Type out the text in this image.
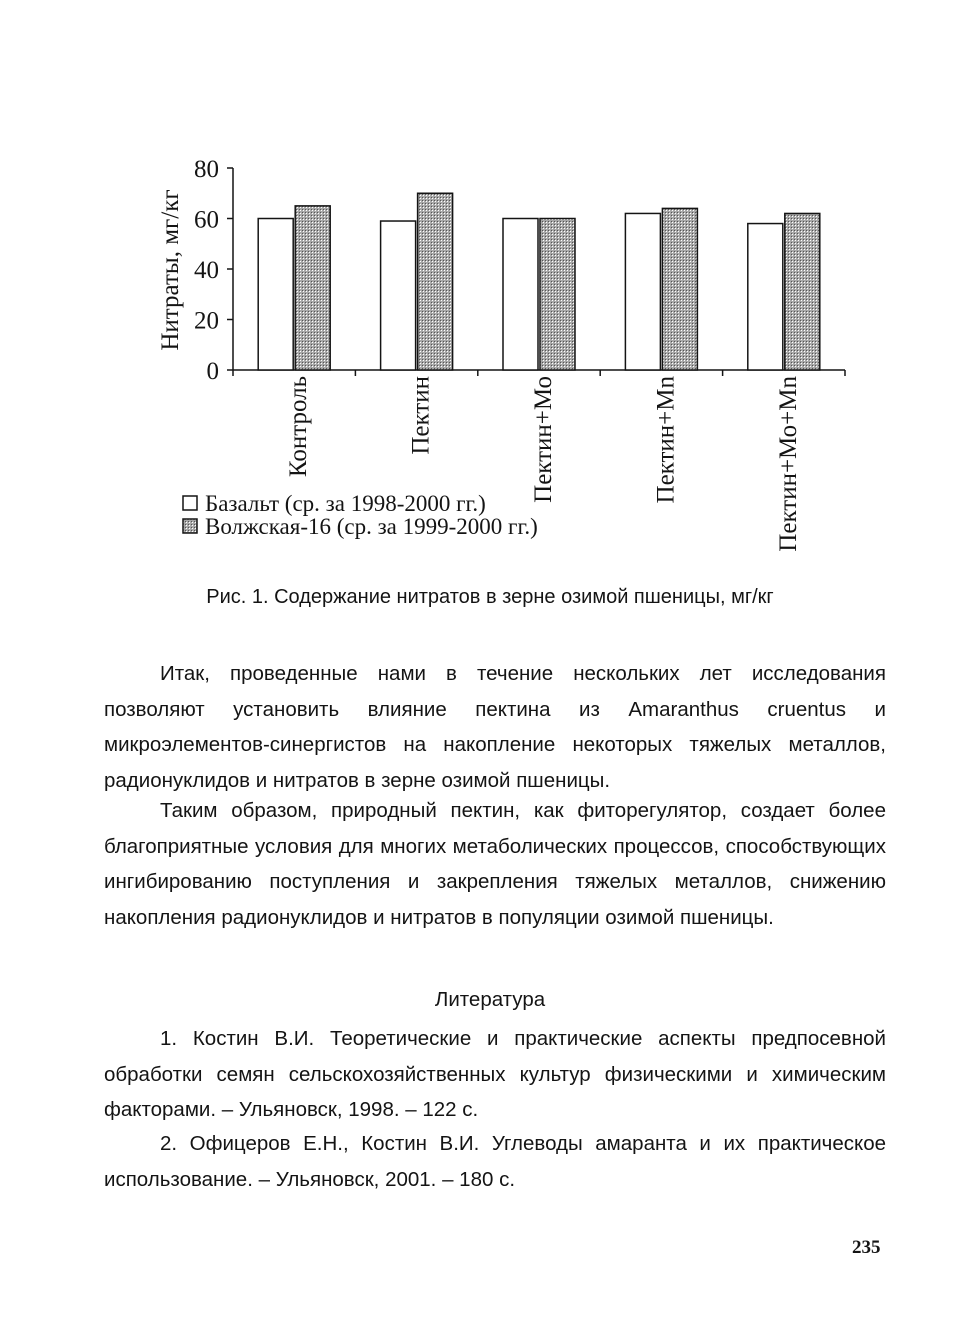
0
20
40
60
80
Контроль	Пектин	Пектин+Мо	Пектин+Мn	Пектин+Мо+Мn
Нитраты, мг/кг
Базальт (ср. за 1998-2000 гг.)
Волжская-16 (ср. за 1999-2000 гг.)
Рис. 1. Содержание нитратов в зерне озимой пшеницы, мг/кг

Итак, проведенные нами в течение нескольких лет исследования позволяют установить влияние пектина из Amaranthus cruentus и микроэлементов-синергистов на накопление некоторых тяжелых металлов, радионуклидов и нитратов в зерне озимой пшеницы.

Таким образом, природный пектин, как фиторегулятор, создает более благоприятные условия для многих метаболических процессов, способствующих ингибированию поступления и закрепления тяжелых металлов, снижению накопления радионуклидов и нитратов в популяции озимой пшеницы.

Литература

1. Костин В.И. Теоретические и практические аспекты предпосевной обработки семян сельскохозяйственных культур физическими и химическим факторами. – Ульяновск, 1998. – 122 с.

2. Офицеров Е.Н., Костин В.И. Углеводы амаранта и их практическое использование. – Ульяновск, 2001. – 180 с.

235
